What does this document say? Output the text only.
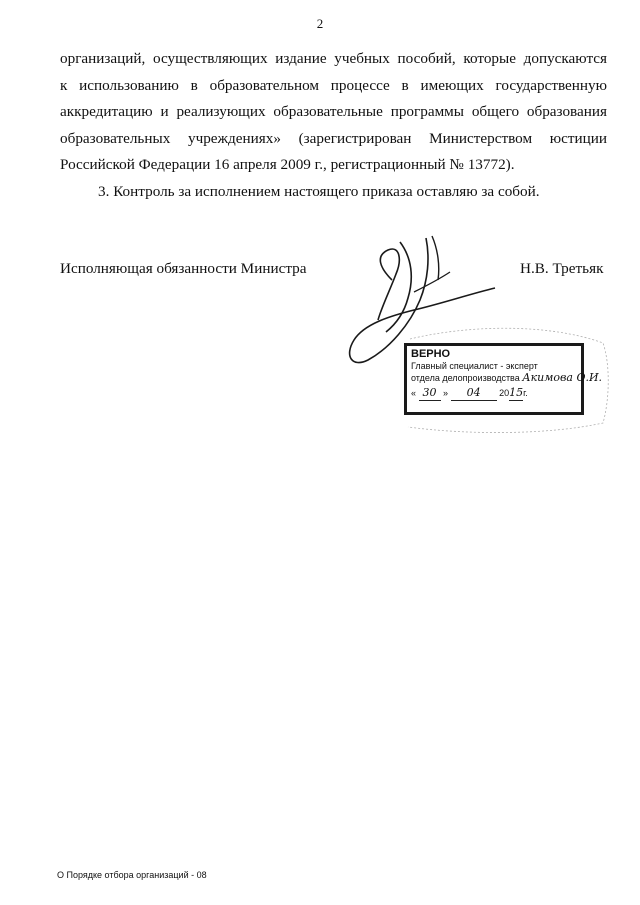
2

организаций, осуществляющих издание учебных пособий, которые допускаются

к использованию в образовательном процессе в имеющих государственную

аккредитацию и реализующих образовательные программы общего образования

образовательных учреждениях» (зарегистрирован Министерством юстиции

Российской Федерации 16 апреля 2009 г., регистрационный № 13772).

3. Контроль за исполнением настоящего приказа оставляю за собой.

Исполняющая обязанности Министра	Н.В. Третьяк
ВЕРНО
Главный специалист - эксперт
отдела делопроизводства Акимова О.И.
« 30 » 04 2015г.
О Порядке отбора организаций - 08
